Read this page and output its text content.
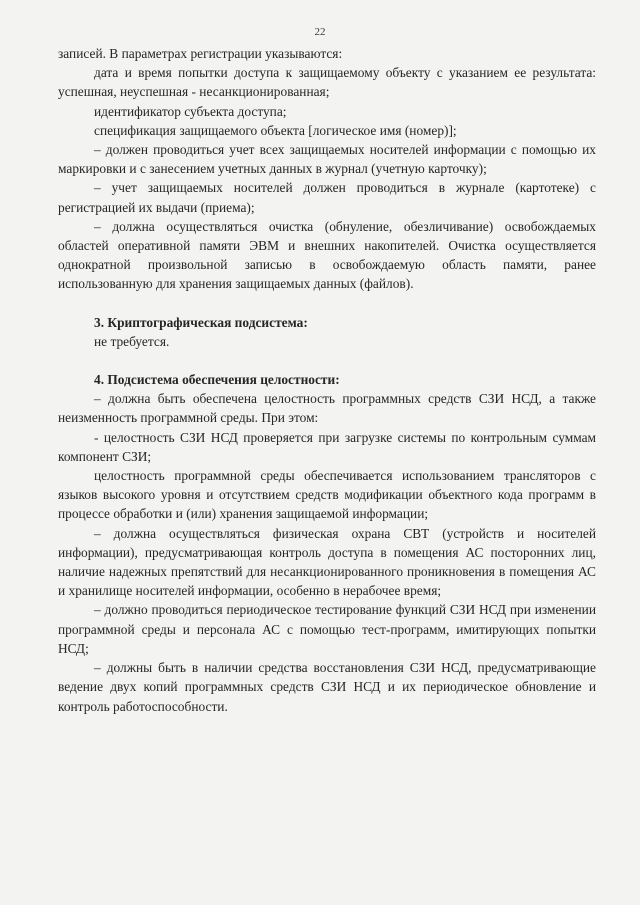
22

записей. В параметрах регистрации указываются:

дата и время попытки доступа к защищаемому объекту с указанием ее результата: успешная, неуспешная - несанкционированная;

идентификатор субъекта доступа;

спецификация защищаемого объекта [логическое имя (номер)];

– должен проводиться учет всех защищаемых носителей информации с помощью их маркировки и с занесением учетных данных в журнал (учетную карточку);

– учет защищаемых носителей должен проводиться в журнале (картотеке) с регистрацией их выдачи (приема);

– должна осуществляться очистка (обнуление, обезличивание) освобождаемых областей оперативной памяти ЭВМ и внешних накопителей. Очистка осуществляется однократной произвольной записью в освобождаемую область памяти, ранее использованную для хранения защищаемых данных (файлов).

3. Криптографическая подсистема:

не требуется.

4. Подсистема обеспечения целостности:

– должна быть обеспечена целостность программных средств СЗИ НСД, а также неизменность программной среды. При этом:

- целостность СЗИ НСД проверяется при загрузке системы по контрольным суммам компонент СЗИ;

целостность программной среды обеспечивается использованием трансляторов с языков высокого уровня и отсутствием средств модификации объектного кода программ в процессе обработки и (или) хранения защищаемой информации;

– должна осуществляться физическая охрана СВТ (устройств и носителей информации), предусматривающая контроль доступа в помещения АС посторонних лиц, наличие надежных препятствий для несанкционированного проникновения в помещения АС и хранилище носителей информации, особенно в нерабочее время;

– должно проводиться периодическое тестирование функций СЗИ НСД при изменении программной среды и персонала АС с помощью тест-программ, имитирующих попытки НСД;

– должны быть в наличии средства восстановления СЗИ НСД, предусматривающие ведение двух копий программных средств СЗИ НСД и их периодическое обновление и контроль работоспособности.
